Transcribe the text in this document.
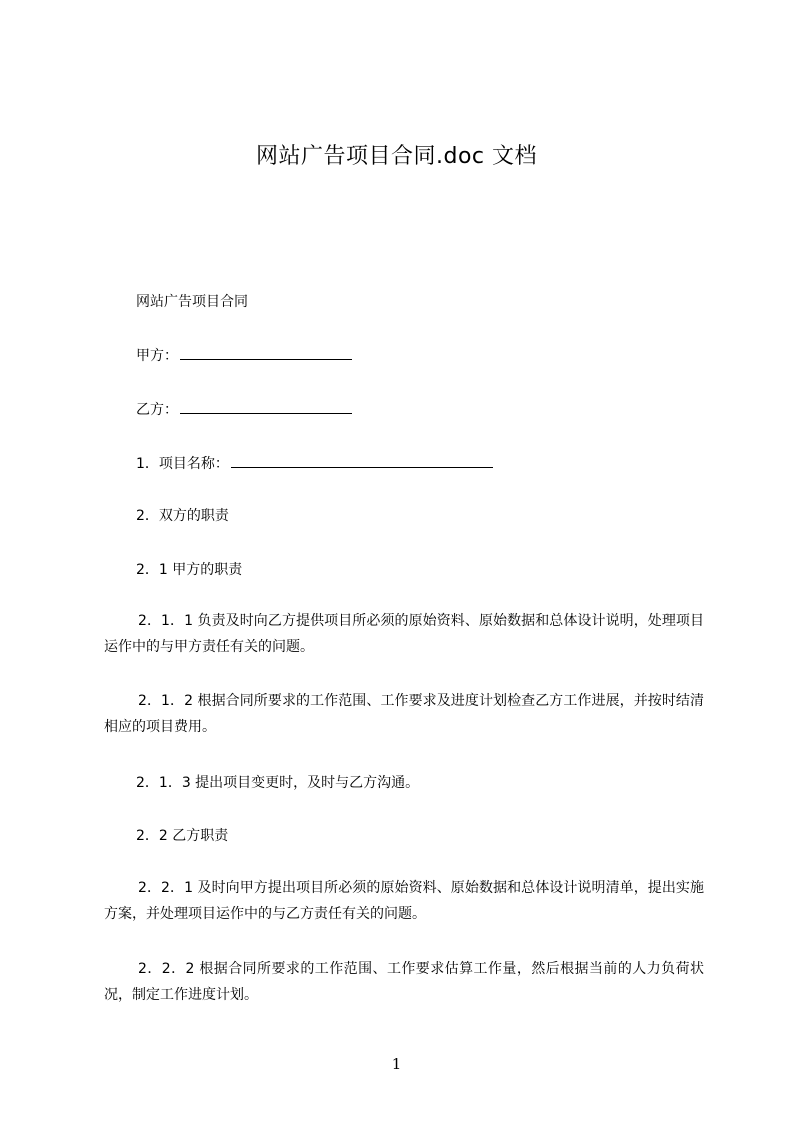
网站广告项目合同.doc 文档
网站广告项目合同
甲方：
乙方：
1．项目名称：
2．双方的职责
2．1 甲方的职责
2．1．1 负责及时向乙方提供项目所必须的原始资料、原始数据和总体设计说明，处理项目运作中的与甲方责任有关的问题。
2．1．2 根据合同所要求的工作范围、工作要求及进度计划检查乙方工作进展，并按时结清相应的项目费用。
2．1．3 提出项目变更时，及时与乙方沟通。
2．2 乙方职责
2．2．1 及时向甲方提出项目所必须的原始资料、原始数据和总体设计说明清单，提出实施方案，并处理项目运作中的与乙方责任有关的问题。
2．2．2 根据合同所要求的工作范围、工作要求估算工作量，然后根据当前的人力负荷状况，制定工作进度计划。
1
